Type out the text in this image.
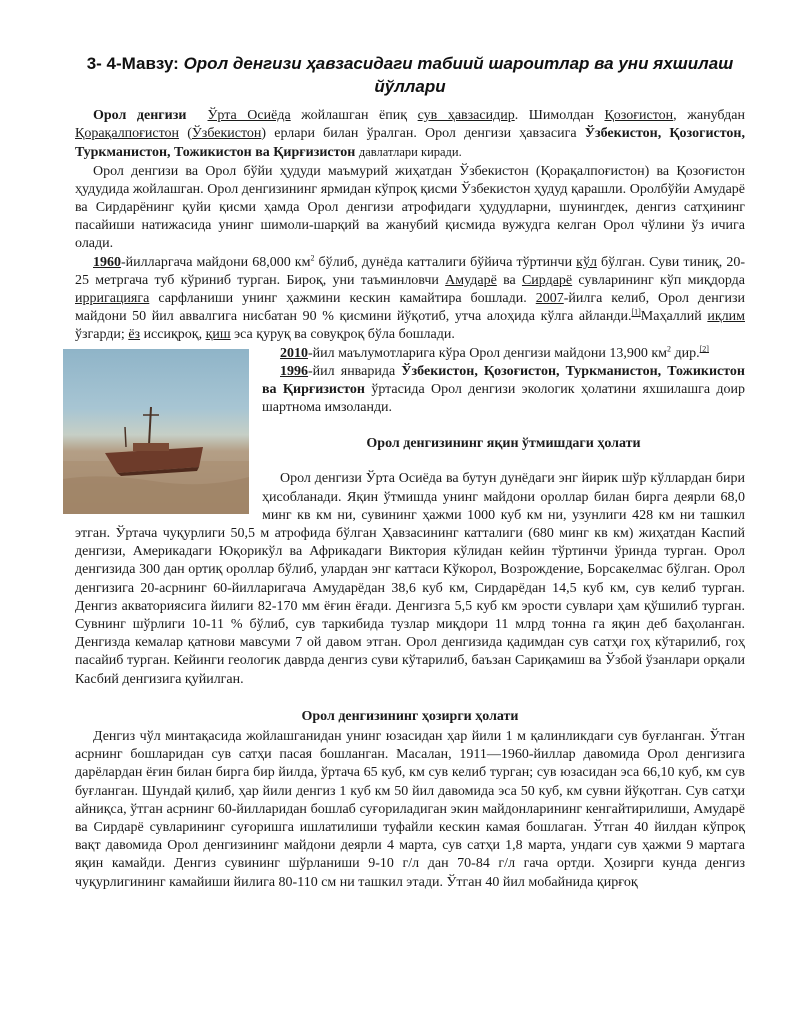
3- 4-Мавзу: Орол денгизи ҳавзасидаги табиий шароитлар ва уни яхшилаш йўллари

Орол денгизи Ўрта Осиёда жойлашган ёпиқ сув ҳавзасидир. Шимолдан Қозоғистон, жанубдан Қорақалпоғистон (Ўзбекистон) ерлари билан ўралган. Орол денгизи ҳавзасига Ўзбекистон, Қозогистон, Туркманистон, Тожикистон ва Қирғизистон давлатлари киради.

Орол денгизи ва Орол бўйи ҳудуди маъмурий жиҳатдан Ўзбекистон (Қорақалпоғистон) ва Қозоғистон ҳудудида жойлашган. Орол денгизининг ярмидан кўпроқ қисми Ўзбекистон ҳудуд қарашли. Оролбўйи Амударё ва Сирдарёнинг қуйи қисми ҳамда Орол денгизи атрофидаги ҳудудларни, шунингдек, денгиз сатҳининг пасайиши натижасида унинг шимоли-шарқий ва жанубий қисмида вужудга келган Орол чўлини ўз ичига олади.

1960-йилларгача майдони 68,000 $км^2$ бўлиб, дунёда катталиги бўйича тўртинчи кўл бўлган. Суви тиниқ, 20-25 метргача туб кўриниб турган. Бироқ, уни таъминловчи Амударё ва Сирдарё сувларининг кўп миқдорда ирригацияга сарфланиши унинг ҳажмини кескин камайтира бошлади. 2007-йилга келиб, Орол денгизи майдони 50 йил аввалгига нисбатан 90 % қисмини йўқотиб, утча алоҳида кўлга айланди.[1]Маҳаллий иқлим ўзгарди; ёз иссиқроқ, қиш эса қуруқ ва совуқроқ бўла бошлади.

2010-йил маълумотларига кўра Орол денгизи майдони 13,900 $км^2$ дир.[2]

1996-йил январида Ўзбекистон, Қозоғистон, Туркманистон, Тожикистон ва Қирғизистон ўртасида Орол денгизи экологик ҳолатини яхшилашга доир шартнома имзоланди.

Орол денгизининг яқин ўтмишдаги ҳолати

Орол денгизи Ўрта Осиёда ва бутун дунёдаги энг йирик шўр кўллардан бири ҳисобланади. Яқин ўтмишда унинг майдони ороллар билан бирга деярли 68,0 минг кв км ни, сувининг ҳажми 1000 куб км ни, узунлиги 428 км ни ташкил этган. Ўртача чуқурлиги 50,5 м атрофида бўлган Ҳавзасининг катталиги (680 минг кв км) жиҳатдан Каспий денгизи, Америкадаги Юқорикўл ва Африкадаги Виктория кўлидан кейин тўртинчи ўринда турган. Орол денгизида 300 дан ортиқ ороллар бўлиб, улардан энг каттаси Кўкорол, Возрождение, Борсакелмас бўлган. Орол денгизига 20-асрнинг 60-йилларигача Амударёдан 38,6 куб км, Сирдарёдан 14,5 куб км, сув келиб турган. Денгиз акваториясига йилиги 82-170 мм ёғин ёғади. Денгизга 5,5 куб км эрости сувлари ҳам қўшилиб турган. Сувнинг шўрлиги 10-11 % бўлиб, сув таркибида тузлар миқдори 11 млрд тонна га яқин деб баҳоланган. Денгизда кемалар қатнови мавсуми 7 ой давом этган. Орол денгизида қадимдан сув сатҳи гоҳ кўтарилиб, гоҳ пасайиб турган. Кейинги геологик даврда денгиз суви кўтарилиб, баъзан Сариқамиш ва Ўзбой ўзанлари орқали Касбий денгизига қуйилган.

Орол денгизининг ҳозирги ҳолати

Денгиз чўл минтақасида жойлашганидан унинг юзасидан ҳар йили 1 м қалинликдаги сув буғланган. Ўтган асрнинг бошларидан сув сатҳи пасая бошланган. Масалан, 1911—1960-йиллар давомида Орол денгизига дарёлардан ёғин билан бирга бир йилда, ўртача 65 куб, км сув келиб турган; сув юзасидан эса 66,10 куб, км сув буғланган. Шундай қилиб, ҳар йили денгиз 1 куб км 50 йил давомида эса 50 куб, км сувни йўқотган. Сув сатҳи айниқса, ўтган асрнинг 60-йилларидан бошлаб суғориладиган экин майдонларининг кенгайтирилиши, Амударё ва Сирдарё сувларининг суғоришга ишлатилиши туфайли кескин камая бошлаган. Ўтган 40 йилдан кўпроқ вақт давомида Орол денгизининг майдони деярли 4 марта, сув сатҳи 1,8 марта, ундаги сув ҳажми 9 мартага яқин камайди. Денгиз сувининг шўрланиши 9-10 г/л дан 70-84 г/л гача ортди. Ҳозирги кунда денгиз чуқурлигининг камайиши йилига 80-110 см ни ташкил этади. Ўтган 40 йил мобайнида қирғоқ
